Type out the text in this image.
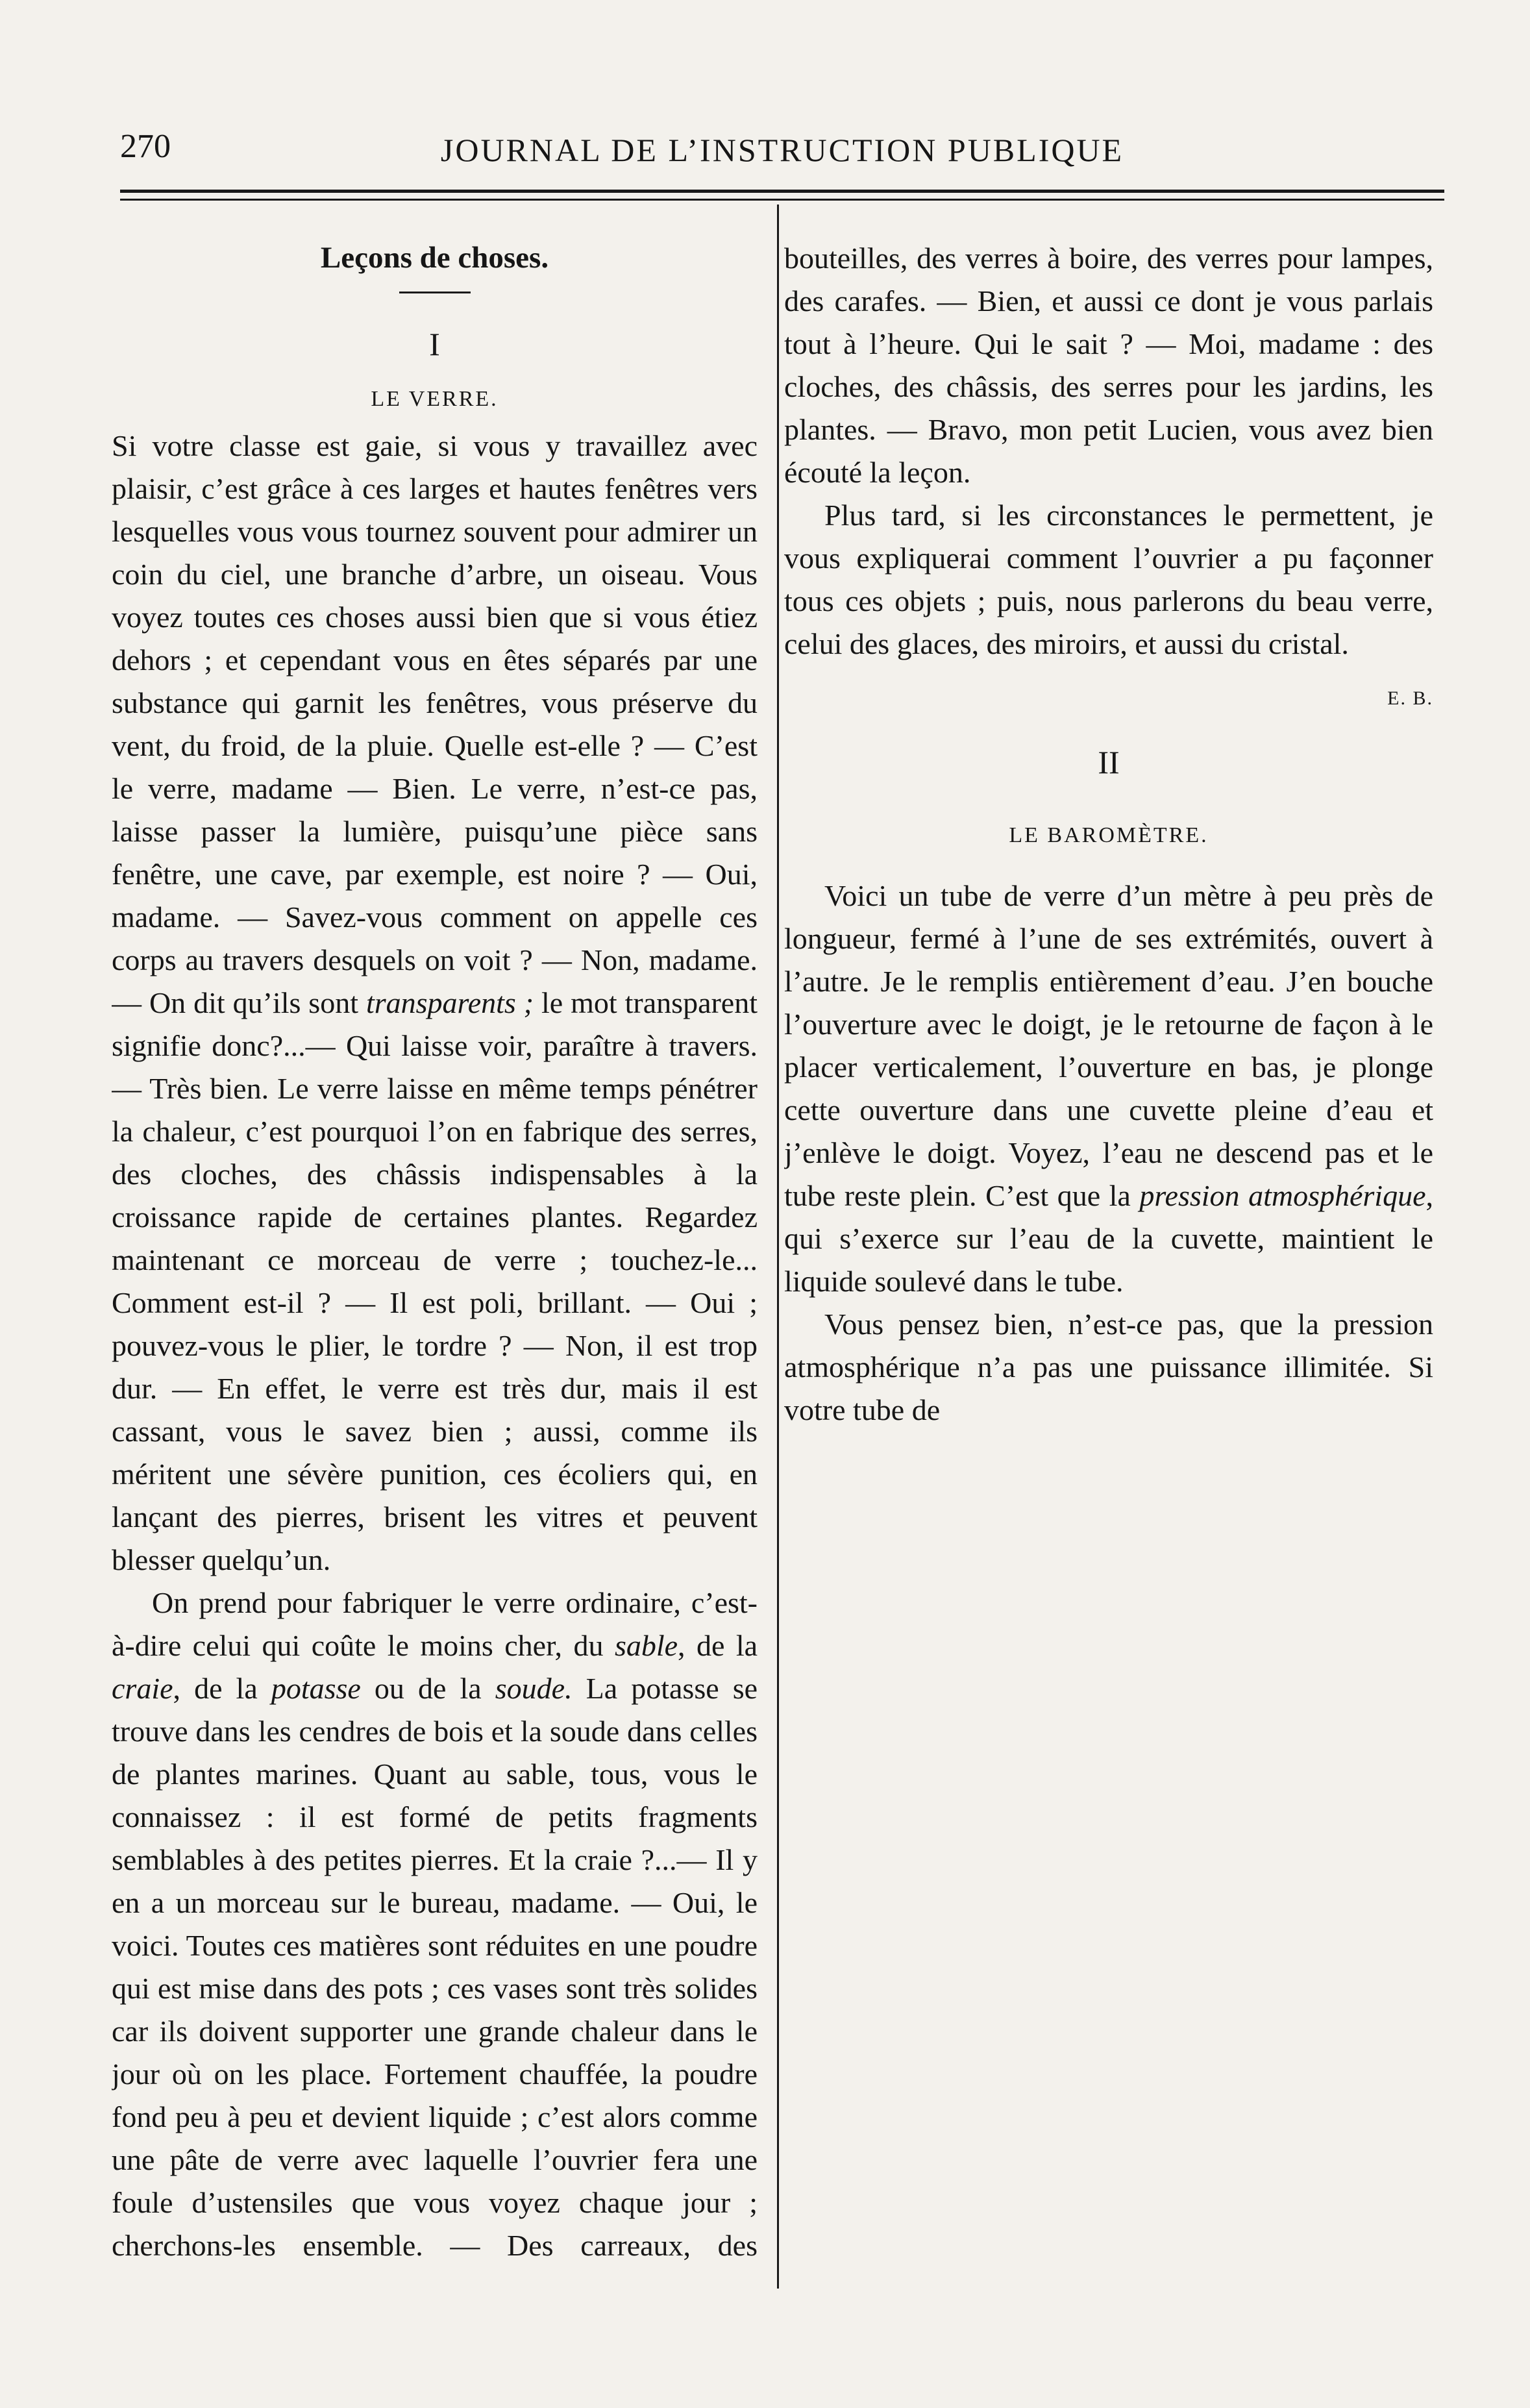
270	JOURNAL DE L’INSTRUCTION PUBLIQUE
Leçons de choses.
I
LE VERRE.

Si votre classe est gaie, si vous y travaillez avec plaisir, c’est grâce à ces larges et hautes fenêtres vers lesquelles vous vous tournez souvent pour admirer un coin du ciel, une branche d’arbre, un oiseau. Vous voyez toutes ces choses aussi bien que si vous étiez dehors ; et cependant vous en êtes séparés par une substance qui garnit les fenêtres, vous préserve du vent, du froid, de la pluie. Quelle est-elle ? — C’est le verre, madame — Bien. Le verre, n’est-ce pas, laisse passer la lumière, puisqu’une pièce sans fenêtre, une cave, par exemple, est noire ? — Oui, madame. — Savez-vous comment on appelle ces corps au travers desquels on voit ? — Non, madame. — On dit qu’ils sont transparents ; le mot transparent signifie donc?...— Qui laisse voir, paraître à travers. — Très bien. Le verre laisse en même temps pénétrer la chaleur, c’est pourquoi l’on en fabrique des serres, des cloches, des châssis indispensables à la croissance rapide de certaines plantes. Regardez maintenant ce morceau de verre ; touchez-le... Comment est-il ? — Il est poli, brillant. — Oui ; pouvez-vous le plier, le tordre ? — Non, il est trop dur. — En effet, le verre est très dur, mais il est cassant, vous le savez bien ; aussi, comme ils méritent une sévère punition, ces écoliers qui, en lançant des pierres, brisent les vitres et peuvent blesser quelqu’un.

On prend pour fabriquer le verre ordinaire, c’est-à-dire celui qui coûte le moins cher, du sable, de la craie, de la potasse ou de la soude. La potasse se trouve dans les cendres de bois et la soude dans celles de plantes marines. Quant au sable, tous, vous le connaissez : il est formé de petits fragments semblables à des petites pierres. Et la craie ?...— Il y en a un morceau sur le bureau, madame. — Oui, le voici. Toutes ces matières sont réduites en une poudre qui est mise dans des pots ; ces vases sont très solides car ils doivent supporter une grande chaleur dans le jour où on les place. Fortement chauffée, la poudre fond peu à peu et devient liquide ; c’est alors comme une pâte de verre avec laquelle l’ouvrier fera une foule d’ustensiles que vous voyez chaque jour ; cherchons-les ensemble. — Des carreaux, des

bouteilles, des verres à boire, des verres pour lampes, des carafes. — Bien, et aussi ce dont je vous parlais tout à l’heure. Qui le sait ? — Moi, madame : des cloches, des châssis, des serres pour les jardins, les plantes. — Bravo, mon petit Lucien, vous avez bien écouté la leçon.

Plus tard, si les circonstances le permettent, je vous expliquerai comment l’ouvrier a pu façonner tous ces objets ; puis, nous parlerons du beau verre, celui des glaces, des miroirs, et aussi du cristal.
E. B.

II
LE BAROMÈTRE.

Voici un tube de verre d’un mètre à peu près de longueur, fermé à l’une de ses extrémités, ouvert à l’autre. Je le remplis entièrement d’eau. J’en bouche l’ouverture avec le doigt, je le retourne de façon à le placer verticalement, l’ouverture en bas, je plonge cette ouverture dans une cuvette pleine d’eau et j’enlève le doigt. Voyez, l’eau ne descend pas et le tube reste plein. C’est que la pression atmosphérique, qui s’exerce sur l’eau de la cuvette, maintient le liquide soulevé dans le tube.

Vous pensez bien, n’est-ce pas, que la pression atmosphérique n’a pas une puissance illimitée. Si votre tube de
